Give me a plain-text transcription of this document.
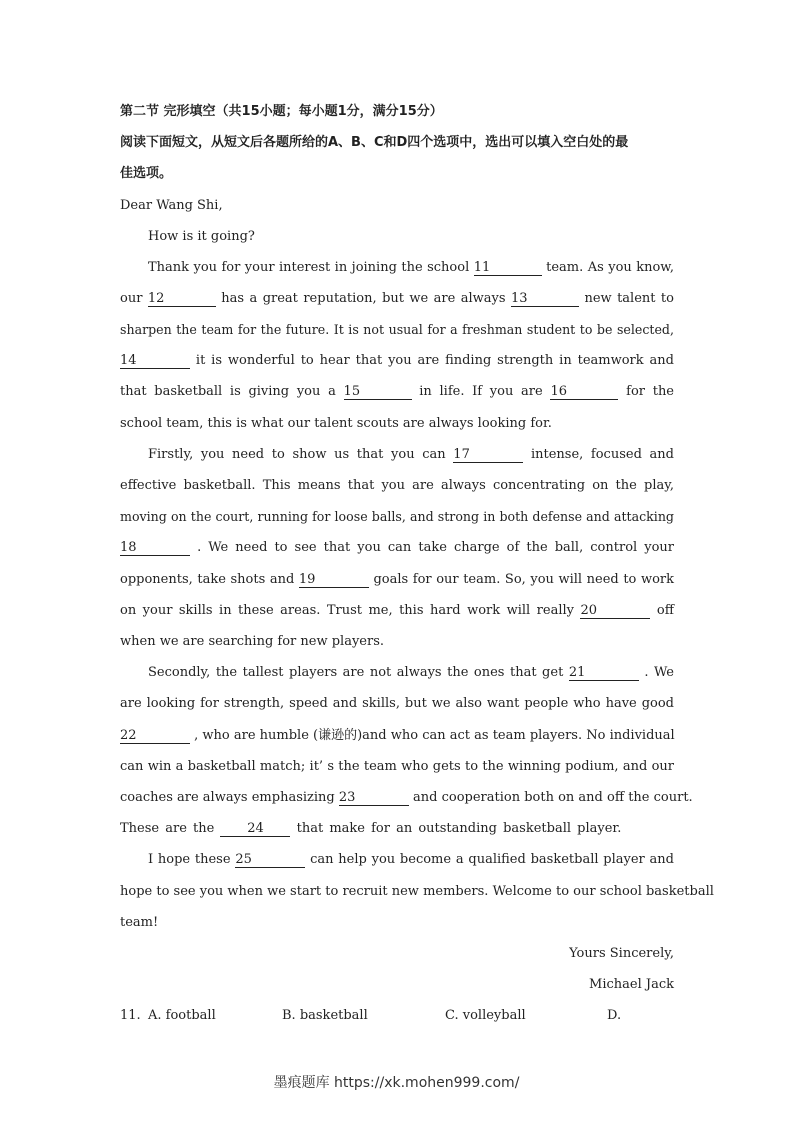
第二节 完形填空（共15小题；每小题1分，满分15分）
阅读下面短文，从短文后各题所给的A、B、C和D四个选项中，选出可以填入空白处的最
佳选项。
Dear Wang Shi,
How is it going?
Thank you for your interest in joining the school 11	team. As you know,
our 12	has a great reputation, but we are always 13	new talent to
sharpen the team for the future. It is not usual for a freshman student to be selected,
14	it is wonderful to hear that you are finding strength in teamwork and
that basketball is giving you a 15	in life. If you are 16	for the
school team, this is what our talent scouts are always looking for.
Firstly, you need to show us that you can 17	intense, focused and
effective basketball. This means that you are always concentrating on the play,
moving on the court, running for loose balls, and strong in both defense and attacking
18	. We need to see that you can take charge of the ball, control your
opponents, take shots and 19	goals for our team. So, you will need to work
on your skills in these areas. Trust me, this hard work will really 20	off
when we are searching for new players.
Secondly, the tallest players are not always the ones that get 21	. We
are looking for strength, speed and skills, but we also want people who have good
22	, who are humble (谦逊的)and who can act as team players. No individual
can win a basketball match; it’ s the team who gets to the winning podium, and our
coaches are always emphasizing 23	and cooperation both on and off the court.
These are the	24	that make for an outstanding basketball player.
I hope these 25	can help you become a qualified basketball player and
hope to see you when we start to recruit new members. Welcome to our school basketball
team!
Yours Sincerely,
Michael Jack
11. A. football	B. basketball	C. volleyball	D.
墨痕题库 https://xk.mohen999.com/
